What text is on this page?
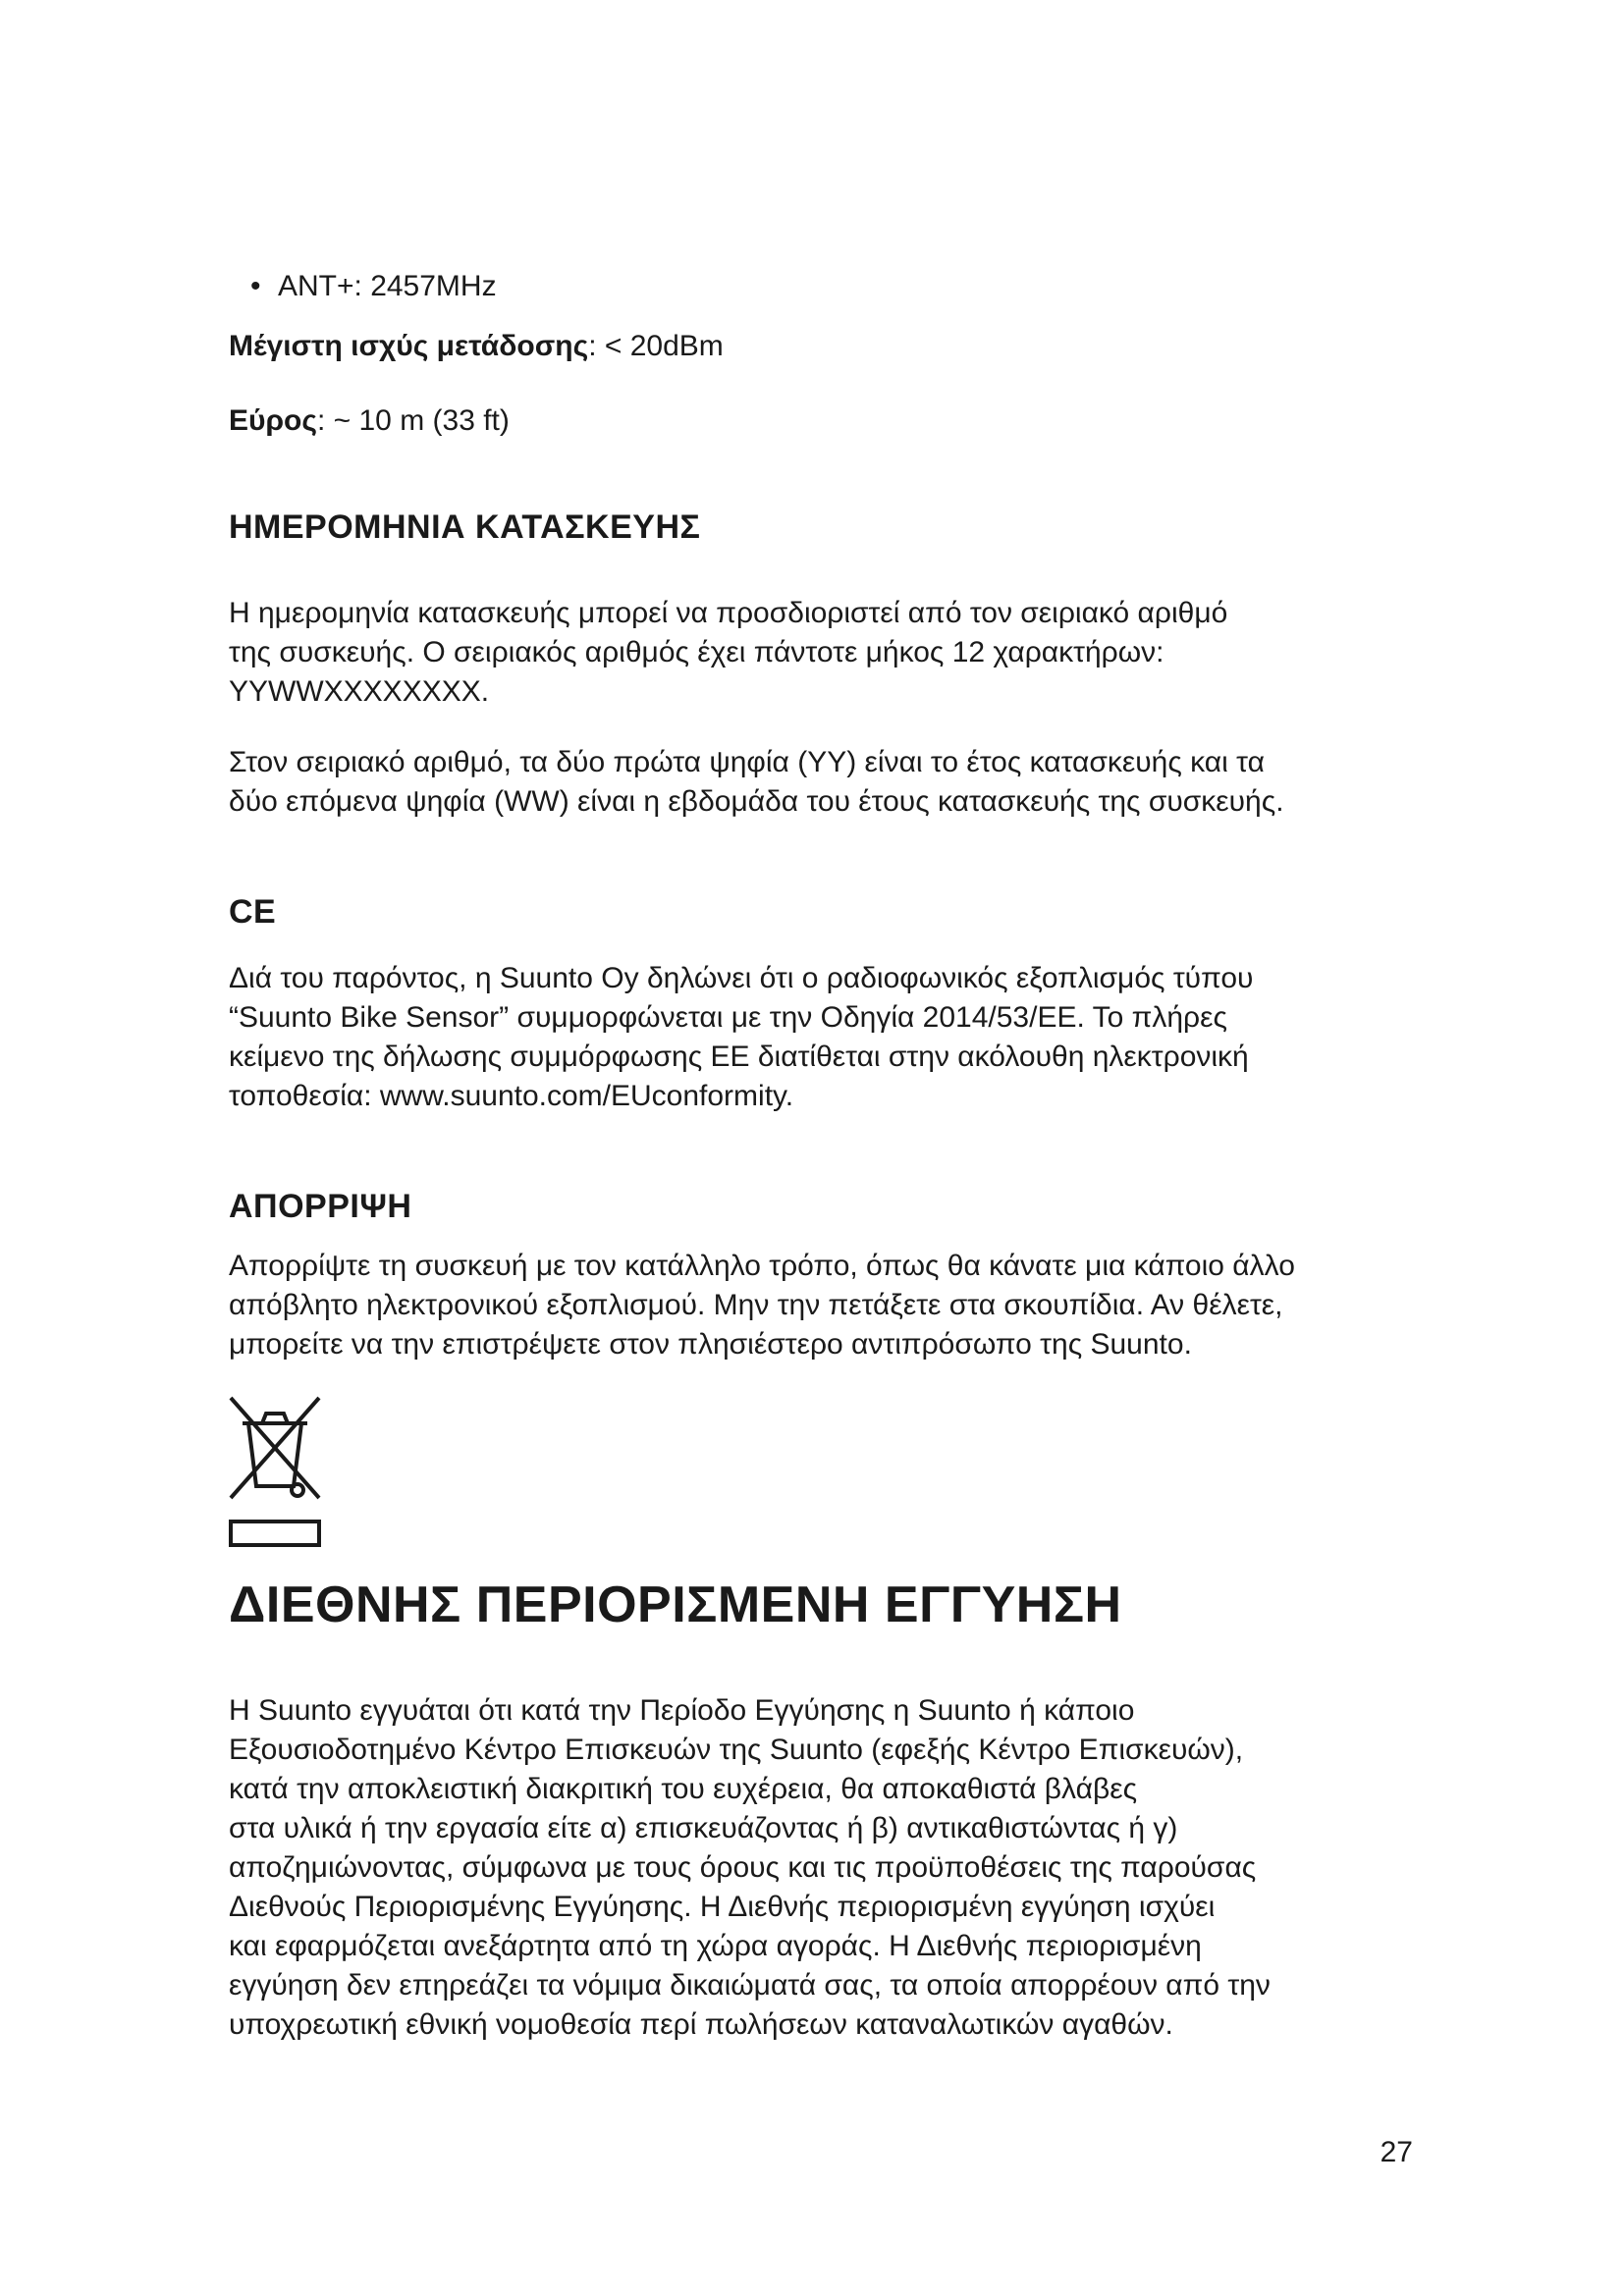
• ANT+: 2457MHz
Μέγιστη ισχύς μετάδοσης: < 20dBm
Εύρος: ~ 10 m (33 ft)
ΗΜΕΡΟΜΗΝΙΑ ΚΑΤΑΣΚΕΥΗΣ

Η ημερομηνία κατασκευής μπορεί να προσδιοριστεί από τον σειριακό αριθμό

της συσκευής. Ο σειριακός αριθμός έχει πάντοτε μήκος 12 χαρακτήρων:

YYWWXXXXXXXX.

Στον σειριακό αριθμό, τα δύο πρώτα ψηφία (YY) είναι το έτος κατασκευής και τα

δύο επόμενα ψηφία (WW) είναι η εβδομάδα του έτους κατασκευής της συσκευής.

CE

Διά του παρόντος, η Suunto Oy δηλώνει ότι ο ραδιοφωνικός εξοπλισμός τύπου

“Suunto Bike Sensor” συμμορφώνεται με την Οδηγία 2014/53/ΕΕ. Το πλήρες

κείμενο της δήλωσης συμμόρφωσης ΕΕ διατίθεται στην ακόλουθη ηλεκτρονική

τοποθεσία: www.suunto.com/EUconformity.

ΑΠΟΡΡΙΨΗ

Απορρίψτε τη συσκευή με τον κατάλληλο τρόπο, όπως θα κάνατε μια κάποιο άλλο

απόβλητο ηλεκτρονικού εξοπλισμού. Μην την πετάξετε στα σκουπίδια. Αν θέλετε,

μπορείτε να την επιστρέψετε στον πλησιέστερο αντιπρόσωπο της Suunto.

ΔΙΕΘΝΗΣ ΠΕΡΙΟΡΙΣΜΕΝΗ ΕΓΓΥΗΣΗ

Η Suunto εγγυάται ότι κατά την Περίοδο Εγγύησης η Suunto ή κάποιο

Εξουσιοδοτημένο Κέντρο Επισκευών της Suunto (εφεξής Κέντρο Επισκευών),

κατά την αποκλειστική διακριτική του ευχέρεια, θα αποκαθιστά βλάβες

στα υλικά ή την εργασία είτε α) επισκευάζοντας ή β) αντικαθιστώντας ή γ)

αποζημιώνοντας, σύμφωνα με τους όρους και τις προϋποθέσεις της παρούσας

Διεθνούς Περιορισμένης Εγγύησης. Η Διεθνής περιορισμένη εγγύηση ισχύει

και εφαρμόζεται ανεξάρτητα από τη χώρα αγοράς. Η Διεθνής περιορισμένη

εγγύηση δεν επηρεάζει τα νόμιμα δικαιώματά σας, τα οποία απορρέουν από την

υποχρεωτική εθνική νομοθεσία περί πωλήσεων καταναλωτικών αγαθών.

27
